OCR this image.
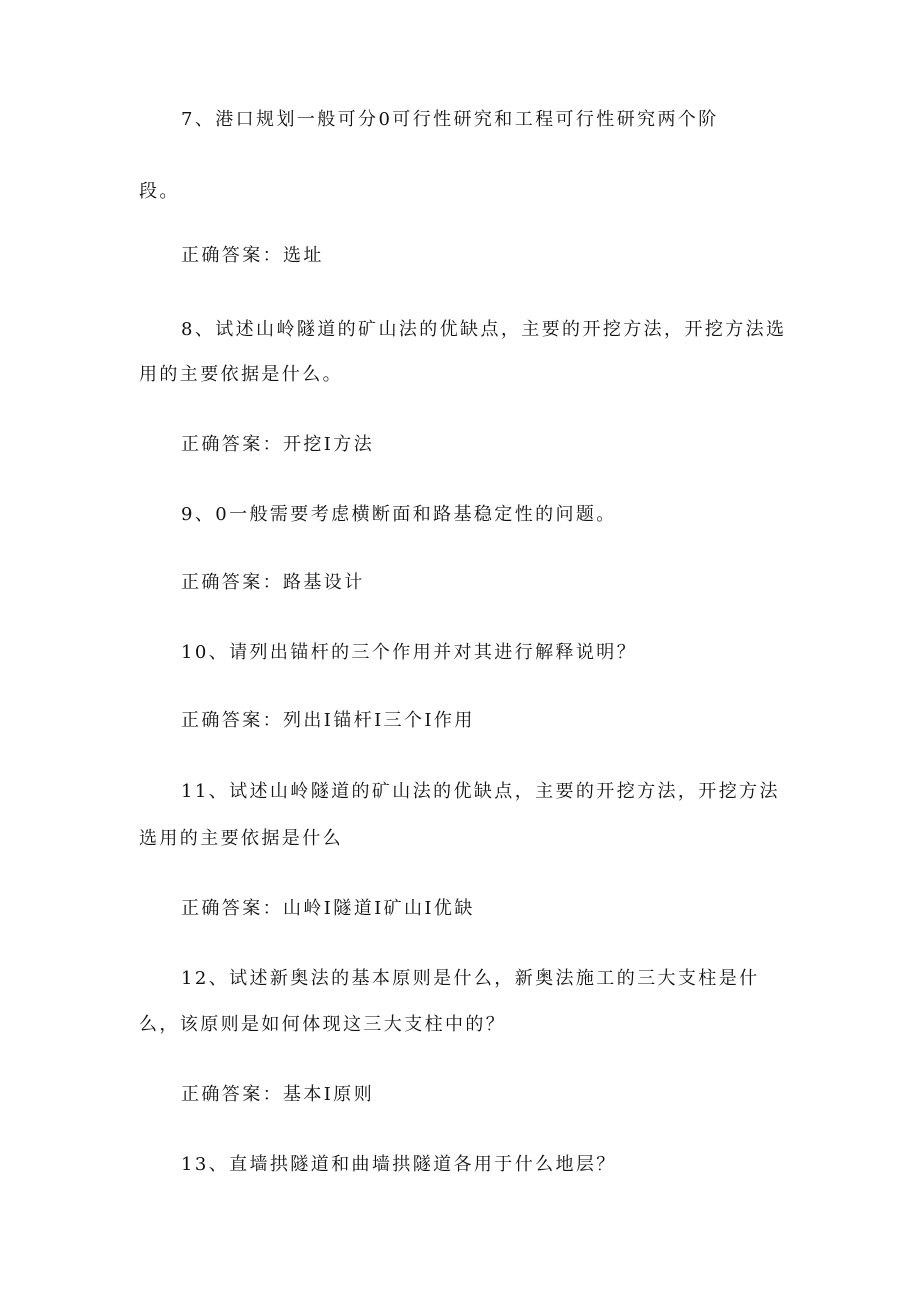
7、港口规划一般可分0可行性研究和工程可行性研究两个阶
段。
正确答案：选址
8、试述山岭隧道的矿山法的优缺点，主要的开挖方法，开挖方法选
用的主要依据是什么。
正确答案：开挖I方法
9、0一般需要考虑横断面和路基稳定性的问题。
正确答案：路基设计
10、请列出锚杆的三个作用并对其进行解释说明？
正确答案：列出I锚杆I三个I作用
11、试述山岭隧道的矿山法的优缺点，主要的开挖方法，开挖方法
选用的主要依据是什么
正确答案：山岭I隧道I矿山I优缺
12、试述新奥法的基本原则是什么，新奥法施工的三大支柱是什
么，该原则是如何体现这三大支柱中的？
正确答案：基本I原则
13、直墙拱隧道和曲墙拱隧道各用于什么地层？
